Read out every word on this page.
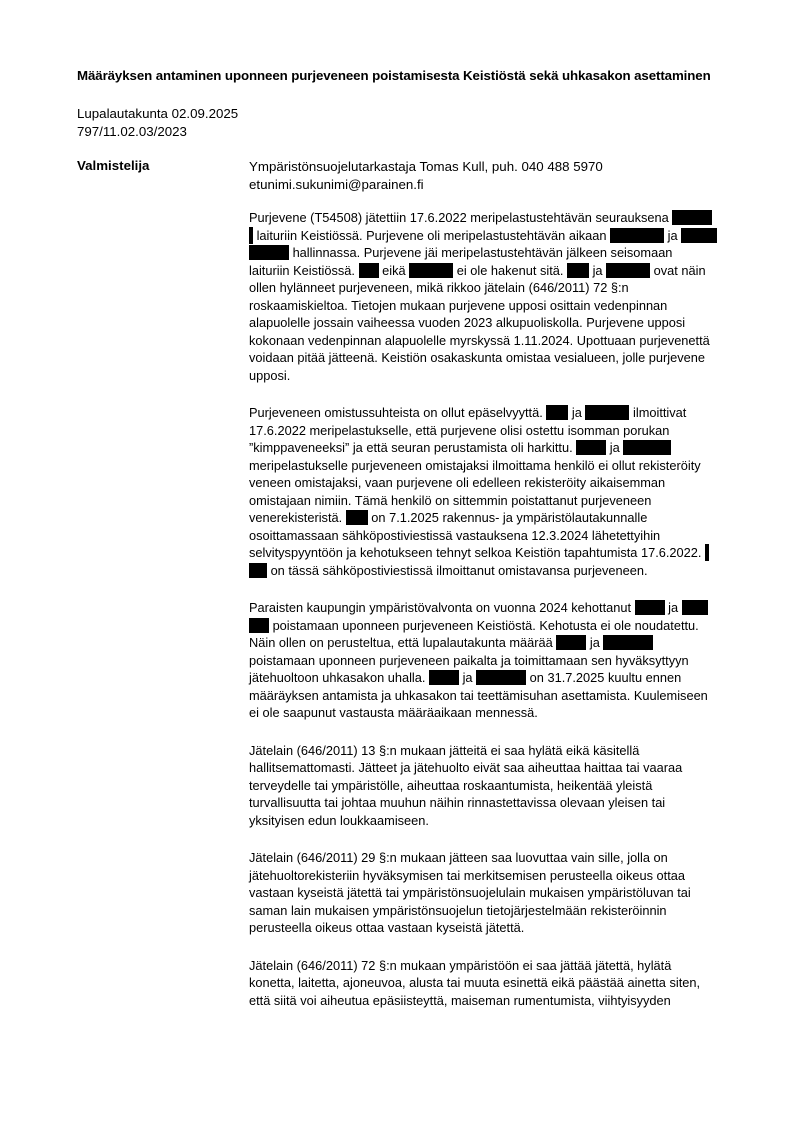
Määräyksen antaminen uponneen purjeveneen poistamisesta Keistiöstä sekä uhkasakon asettaminen
Lupalautakunta 02.09.2025
797/11.02.03/2023
Valmistelija	Ympäristönsuojelutarkastaja Tomas Kull, puh. 040 488 5970
etunimi.sukunimi@parainen.fi

Purjevene (T54508) jätettiin 17.6.2022 meripelastustehtävän seurauksena
laituriin Keistiössä. Purjevene oli meripelastustehtävän aikaan	ja
hallinnassa. Purjevene jäi meripelastustehtävän jälkeen seisomaan
laituriin Keistiössä. eikä	ei ole hakenut sitä. ja	ovat näin
ollen hylänneet purjeveneen, mikä rikkoo jätelain (646/2011) 72 §:n
roskaamiskieltoa. Tietojen mukaan purjevene upposi osittain vedenpinnan
alapuolelle jossain vaiheessa vuoden 2023 alkupuoliskolla. Purjevene upposi
kokonaan vedenpinnan alapuolelle myrskyssä 1.11.2024. Upottuaan purjevenettä
voidaan pitää jätteenä. Keistiön osakaskunta omistaa vesialueen, jolle purjevene
upposi.

Purjeveneen omistussuhteista on ollut epäselvyyttä. ja	ilmoittivat
17.6.2022 meripelastukselle, että purjevene olisi ostettu isomman porukan
”kimppaveneeksi” ja että seuran perustamista oli harkittu.	ja
meripelastukselle purjeveneen omistajaksi ilmoittama henkilö ei ollut rekisteröity
veneen omistajaksi, vaan purjevene oli edelleen rekisteröity aikaisemman
omistajaan nimiin. Tämä henkilö on sittemmin poistattanut purjeveneen
venerekisteristä. on 7.1.2025 rakennus- ja ympäristölautakunnalle
osoittamassaan sähköpostiviestissä vastauksena 12.3.2024 lähetettyihin
selvityspyyntöön ja kehotukseen tehnyt selkoa Keistiön tapahtumista 17.6.2022.
on tässä sähköpostiviestissä ilmoittanut omistavansa purjeveneen.

Paraisten kaupungin ympäristövalvonta on vuonna 2024 kehottanut	ja
poistamaan uponneen purjeveneen Keistiöstä. Kehotusta ei ole noudatettu.
Näin ollen on perusteltua, että lupalautakunta määrää	ja
poistamaan uponneen purjeveneen paikalta ja toimittamaan sen hyväksyttyyn
jätehuoltoon uhkasakon uhalla.	ja	on 31.7.2025 kuultu ennen
määräyksen antamista ja uhkasakon tai teettämisuhan asettamista. Kuulemiseen
ei ole saapunut vastausta määräaikaan mennessä.

Jätelain (646/2011) 13 §:n mukaan jätteitä ei saa hylätä eikä käsitellä
hallitsemattomasti. Jätteet ja jätehuolto eivät saa aiheuttaa haittaa tai vaaraa
terveydelle tai ympäristölle, aiheuttaa roskaantumista, heikentää yleistä
turvallisuutta tai johtaa muuhun näihin rinnastettavissa olevaan yleisen tai
yksityisen edun loukkaamiseen.

Jätelain (646/2011) 29 §:n mukaan jätteen saa luovuttaa vain sille, jolla on
jätehuoltorekisteriin hyväksymisen tai merkitsemisen perusteella oikeus ottaa
vastaan kyseistä jätettä tai ympäristönsuojelulain mukaisen ympäristöluvan tai
saman lain mukaisen ympäristönsuojelun tietojärjestelmään rekisteröinnin
perusteella oikeus ottaa vastaan kyseistä jätettä.

Jätelain (646/2011) 72 §:n mukaan ympäristöön ei saa jättää jätettä, hylätä
konetta, laitetta, ajoneuvoa, alusta tai muuta esinettä eikä päästää ainetta siten,
että siitä voi aiheutua epäsiisteyttä, maiseman rumentumista, viihtyisyyden
